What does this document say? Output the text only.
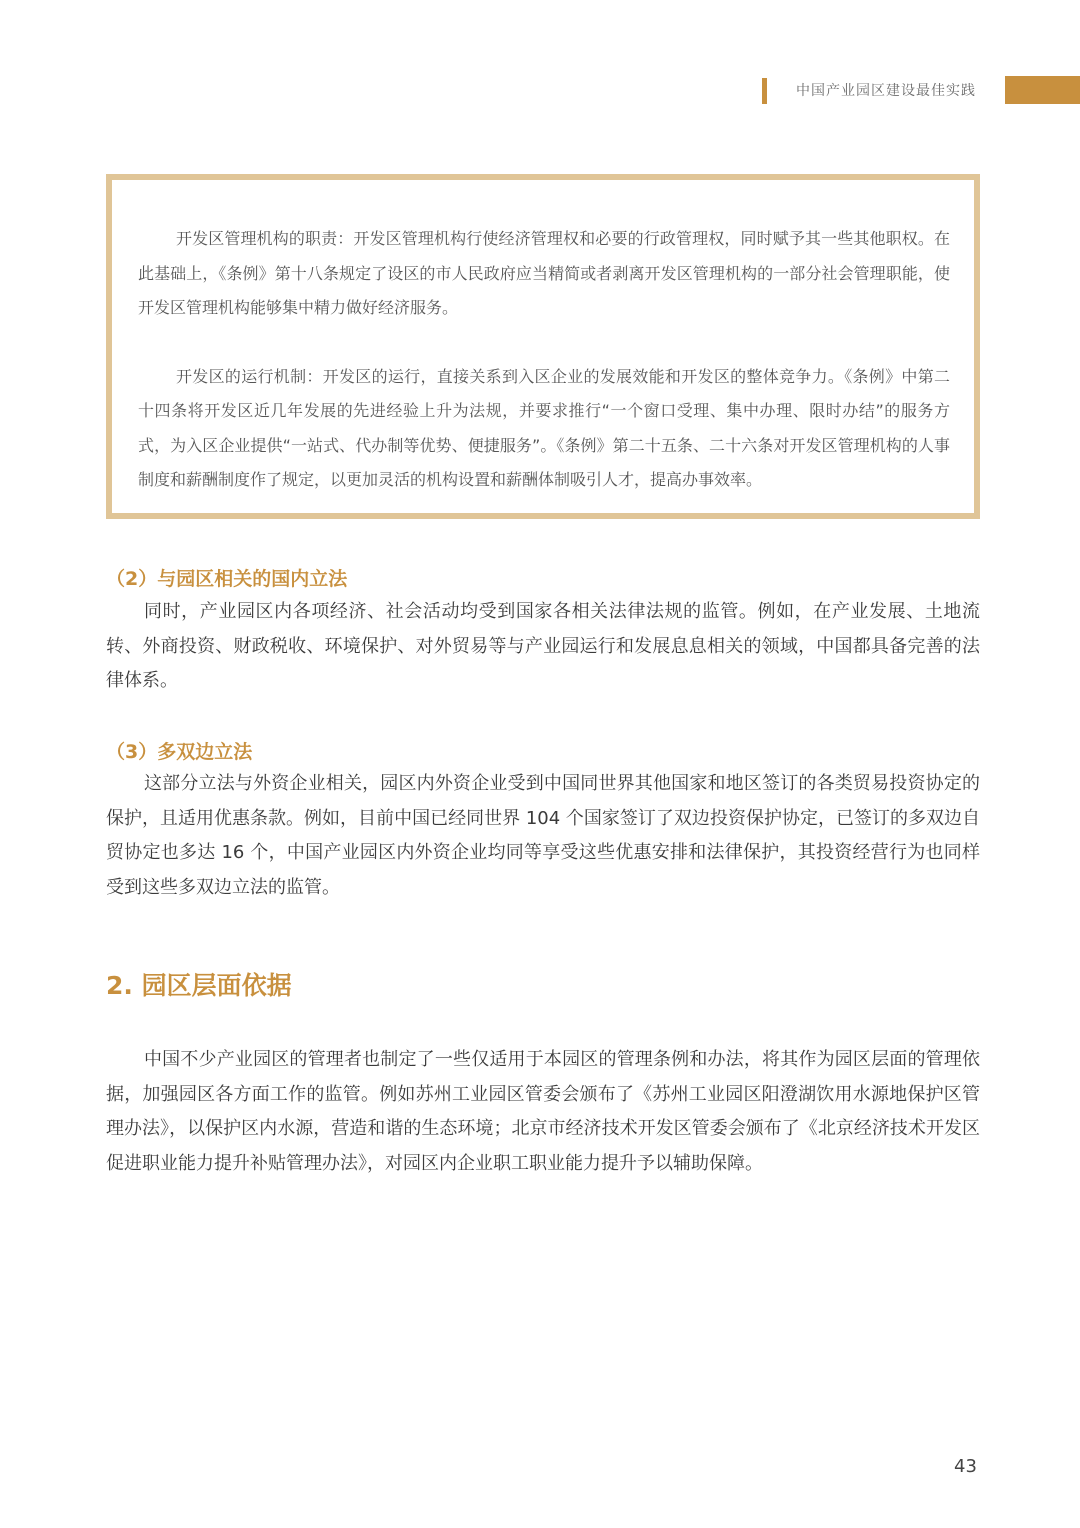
中国产业园区建设最佳实践

开发区管理机构的职责：开发区管理机构行使经济管理权和必要的行政管理权，同时赋予其一些其他职权。在此基础上，《条例》第十八条规定了设区的市人民政府应当精简或者剥离开发区管理机构的一部分社会管理职能，使开发区管理机构能够集中精力做好经济服务。

开发区的运行机制：开发区的运行，直接关系到入区企业的发展效能和开发区的整体竞争力。《条例》中第二十四条将开发区近几年发展的先进经验上升为法规，并要求推行“一个窗口受理、集中办理、限时办结”的服务方式，为入区企业提供“一站式、代办制等优势、便捷服务”。《条例》第二十五条、二十六条对开发区管理机构的人事制度和薪酬制度作了规定，以更加灵活的机构设置和薪酬体制吸引人才，提高办事效率。

（2）与园区相关的国内立法

同时，产业园区内各项经济、社会活动均受到国家各相关法律法规的监管。例如，在产业发展、土地流转、外商投资、财政税收、环境保护、对外贸易等与产业园运行和发展息息相关的领域，中国都具备完善的法律体系。

（3）多双边立法

这部分立法与外资企业相关，园区内外资企业受到中国同世界其他国家和地区签订的各类贸易投资协定的保护，且适用优惠条款。例如，目前中国已经同世界 104 个国家签订了双边投资保护协定，已签订的多双边自贸协定也多达 16 个，中国产业园区内外资企业均同等享受这些优惠安排和法律保护，其投资经营行为也同样受到这些多双边立法的监管。

2. 园区层面依据

中国不少产业园区的管理者也制定了一些仅适用于本园区的管理条例和办法，将其作为园区层面的管理依据，加强园区各方面工作的监管。例如苏州工业园区管委会颁布了《苏州工业园区阳澄湖饮用水源地保护区管理办法》，以保护区内水源，营造和谐的生态环境；北京市经济技术开发区管委会颁布了《北京经济技术开发区促进职业能力提升补贴管理办法》，对园区内企业职工职业能力提升予以辅助保障。

43
